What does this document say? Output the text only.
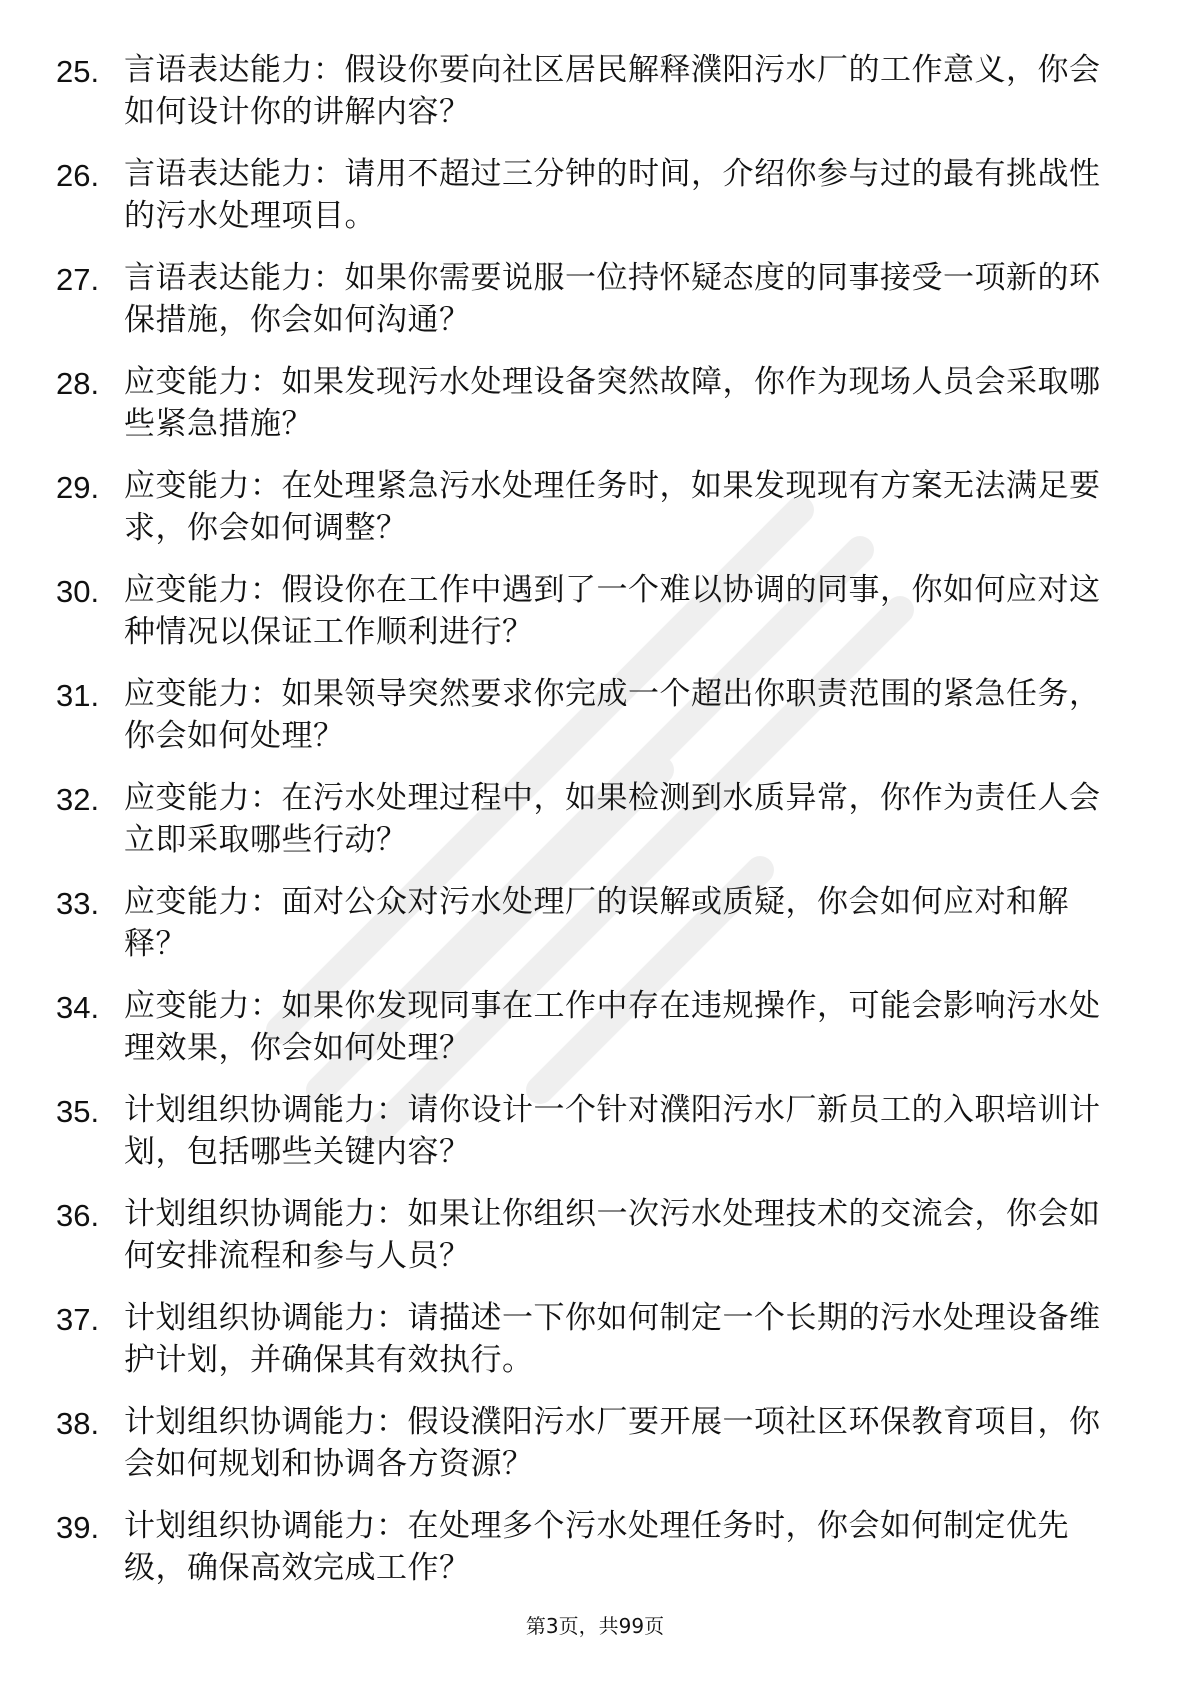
25. 言语表达能力：假设你要向社区居民解释濮阳污水厂的工作意义，你会如何设计你的讲解内容？
26. 言语表达能力：请用不超过三分钟的时间，介绍你参与过的最有挑战性的污水处理项目。
27. 言语表达能力：如果你需要说服一位持怀疑态度的同事接受一项新的环保措施，你会如何沟通？
28. 应变能力：如果发现污水处理设备突然故障，你作为现场人员会采取哪些紧急措施？
29. 应变能力：在处理紧急污水处理任务时，如果发现现有方案无法满足要求，你会如何调整？
30. 应变能力：假设你在工作中遇到了一个难以协调的同事，你如何应对这种情况以保证工作顺利进行？
31. 应变能力：如果领导突然要求你完成一个超出你职责范围的紧急任务，你会如何处理？
32. 应变能力：在污水处理过程中，如果检测到水质异常，你作为责任人会立即采取哪些行动？
33. 应变能力：面对公众对污水处理厂的误解或质疑，你会如何应对和解释？
34. 应变能力：如果你发现同事在工作中存在违规操作，可能会影响污水处理效果，你会如何处理？
35. 计划组织协调能力：请你设计一个针对濮阳污水厂新员工的入职培训计划，包括哪些关键内容？
36. 计划组织协调能力：如果让你组织一次污水处理技术的交流会，你会如何安排流程和参与人员？
37. 计划组织协调能力：请描述一下你如何制定一个长期的污水处理设备维护计划，并确保其有效执行。
38. 计划组织协调能力：假设濮阳污水厂要开展一项社区环保教育项目，你会如何规划和协调各方资源？
39. 计划组织协调能力：在处理多个污水处理任务时，你会如何制定优先级，确保高效完成工作？
第3页，共99页
